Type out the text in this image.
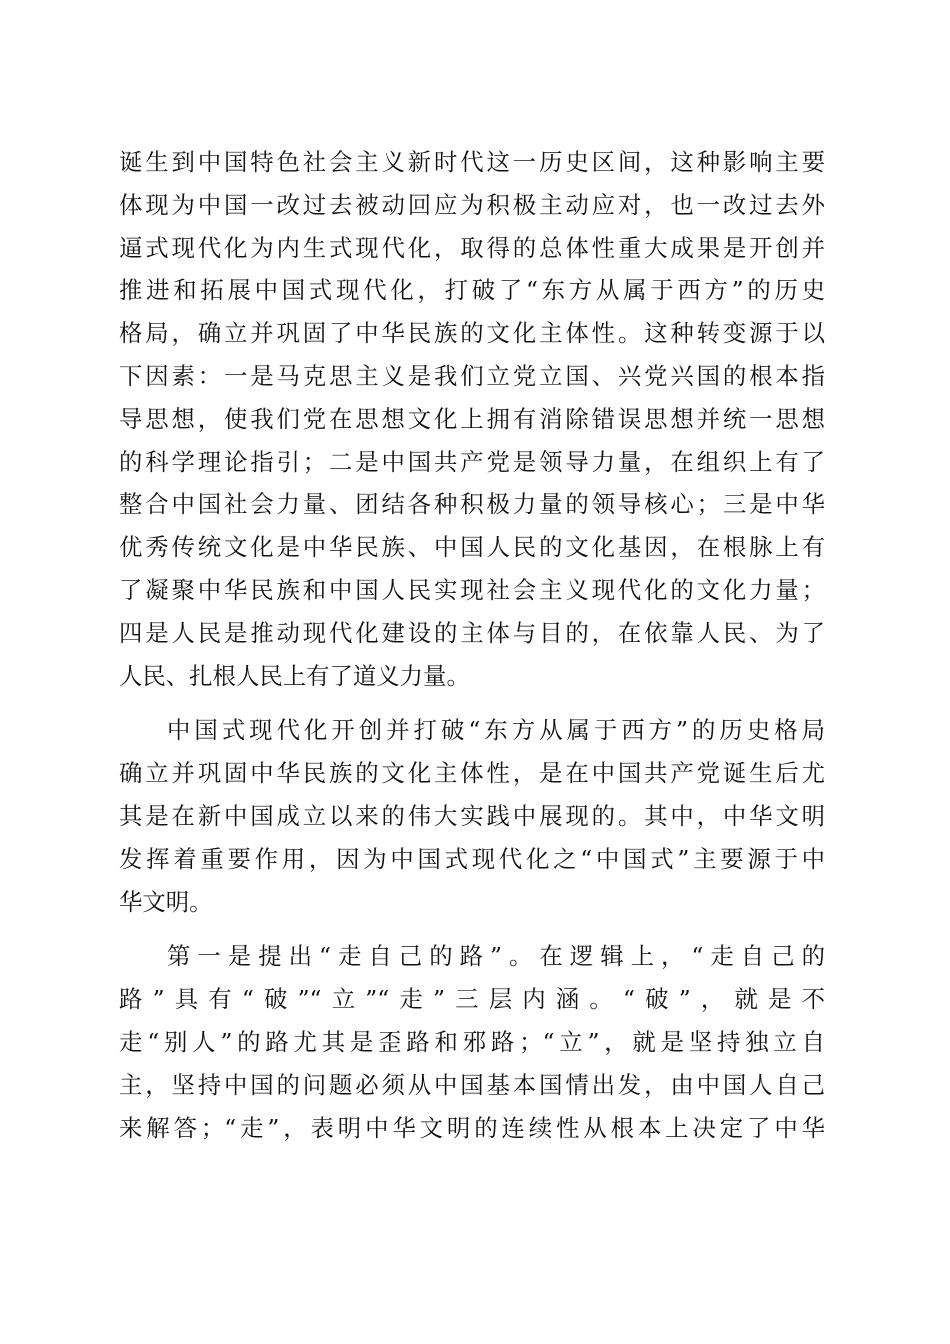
诞生到中国特色社会主义新时代这一历史区间，这种影响主要
体现为中国一改过去被动回应为积极主动应对，也一改过去外
逼式现代化为内生式现代化，取得的总体性重大成果是开创并
推进和拓展中国式现代化，打破了“东方从属于西方”的历史
格局，确立并巩固了中华民族的文化主体性。这种转变源于以
下因素：一是马克思主义是我们立党立国、兴党兴国的根本指
导思想，使我们党在思想文化上拥有消除错误思想并统一思想
的科学理论指引；二是中国共产党是领导力量，在组织上有了
整合中国社会力量、团结各种积极力量的领导核心；三是中华
优秀传统文化是中华民族、中国人民的文化基因，在根脉上有
了凝聚中华民族和中国人民实现社会主义现代化的文化力量；
四是人民是推动现代化建设的主体与目的，在依靠人民、为了
人民、扎根人民上有了道义力量。
中国式现代化开创并打破“东方从属于西方”的历史格局
确立并巩固中华民族的文化主体性，是在中国共产党诞生后尤
其是在新中国成立以来的伟大实践中展现的。其中，中华文明
发挥着重要作用，因为中国式现代化之“中国式”主要源于中
华文明。
第一是提出“走自己的路”。在逻辑上，“走自己的
路”具有“破”“立”“走”三层内涵。“破”，就是不
走“别人”的路尤其是歪路和邪路；“立”，就是坚持独立自
主，坚持中国的问题必须从中国基本国情出发，由中国人自己
来解答；“走”，表明中华文明的连续性从根本上决定了中华
